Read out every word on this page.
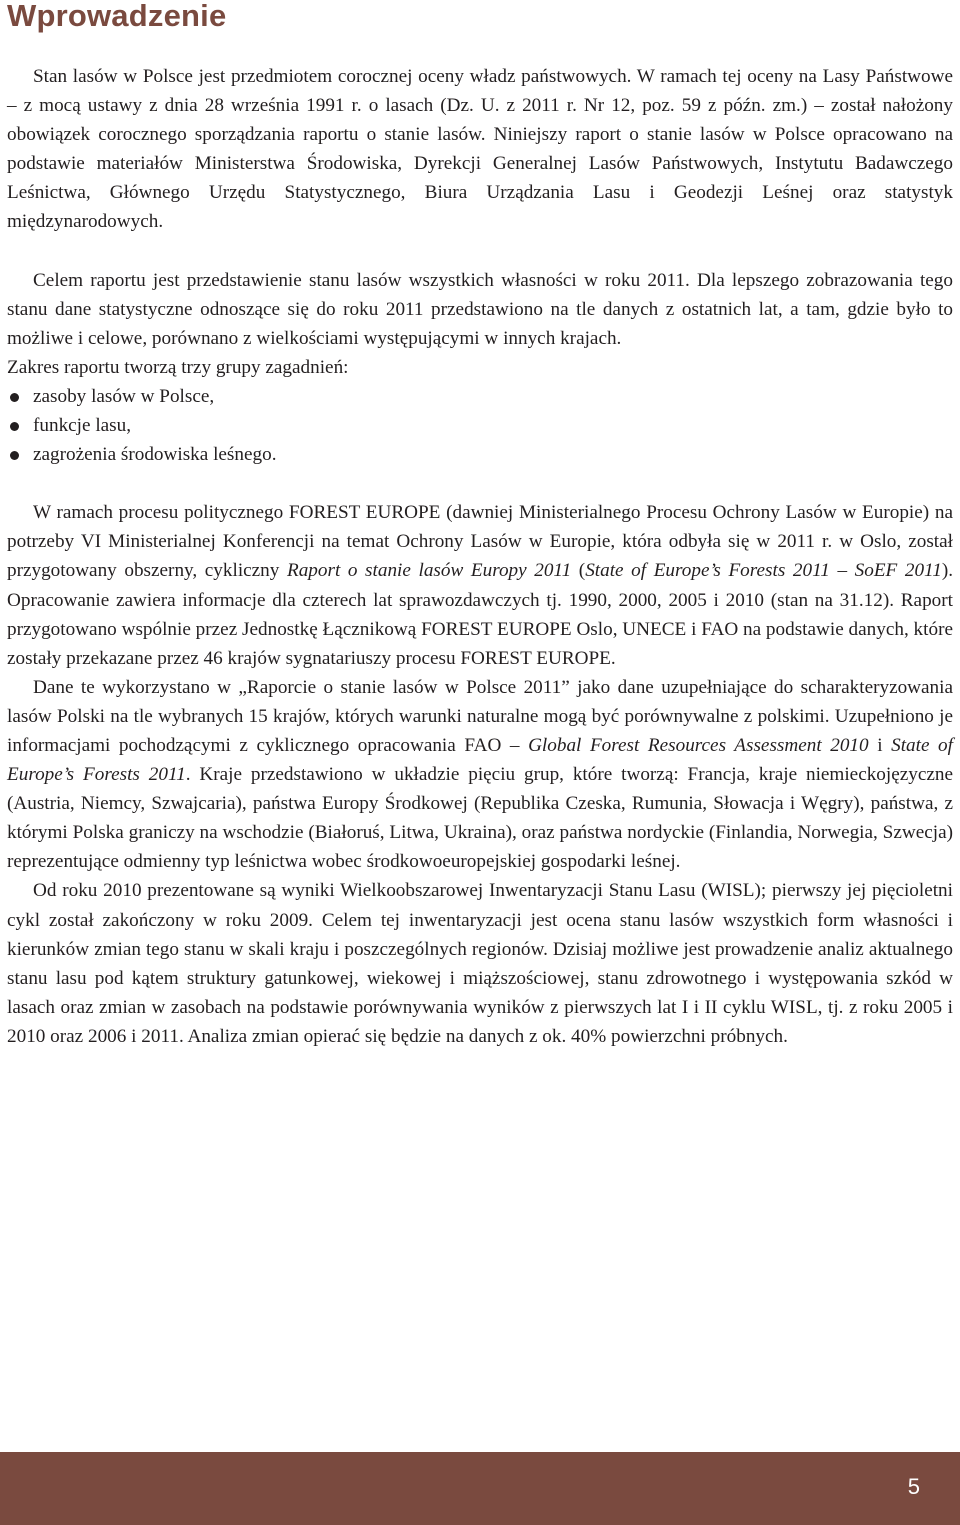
Wprowadzenie

Stan lasów w Polsce jest przedmiotem corocznej oceny władz państwowych. W ramach tej oceny na Lasy Państwowe – z mocą ustawy z dnia 28 września 1991 r. o lasach (Dz. U. z 2011 r. Nr 12, poz. 59 z późn. zm.) – został nałożony obowiązek corocznego sporządzania raportu o stanie lasów. Niniejszy raport o stanie lasów w Polsce opracowano na podstawie materiałów Ministerstwa Środowiska, Dyrekcji Generalnej Lasów Państwowych, Instytutu Badawczego Leśnictwa, Głównego Urzędu Statystycznego, Biura Urządzania Lasu i Geodezji Leśnej oraz statystyk międzynarodowych.

Celem raportu jest przedstawienie stanu lasów wszystkich własności w roku 2011. Dla lepszego zobrazowania tego stanu dane statystyczne odnoszące się do roku 2011 przedstawiono na tle danych z ostatnich lat, a tam, gdzie było to możliwe i celowe, porównano z wielkościami występującymi w innych krajach.

Zakres raportu tworzą trzy grupy zagadnień:
zasoby lasów w Polsce,
funkcje lasu,
zagrożenia środowiska leśnego.

W ramach procesu politycznego FOREST EUROPE (dawniej Ministerialnego Procesu Ochrony Lasów w Europie) na potrzeby VI Ministerialnej Konferencji na temat Ochrony Lasów w Europie, która odbyła się w 2011 r. w Oslo, został przygotowany obszerny, cykliczny Raport o stanie lasów Europy 2011 (State of Europe’s Forests 2011 – SoEF 2011). Opracowanie zawiera informacje dla czterech lat sprawozdawczych tj. 1990, 2000, 2005 i 2010 (stan na 31.12). Raport przygotowano wspólnie przez Jednostkę Łącznikową FOREST EUROPE Oslo, UNECE i FAO na podstawie danych, które zostały przekazane przez 46 krajów sygnatariuszy procesu FOREST EUROPE.

Dane te wykorzystano w „Raporcie o stanie lasów w Polsce 2011” jako dane uzupełniające do scharakteryzowania lasów Polski na tle wybranych 15 krajów, których warunki naturalne mogą być porównywalne z polskimi. Uzupełniono je informacjami pochodzącymi z cyklicznego opracowania FAO – Global Forest Resources Assessment 2010 i State of Europe’s Forests 2011. Kraje przedstawiono w układzie pięciu grup, które tworzą: Francja, kraje niemieckojęzyczne (Austria, Niemcy, Szwajcaria), państwa Europy Środkowej (Republika Czeska, Rumunia, Słowacja i Węgry), państwa, z którymi Polska graniczy na wschodzie (Białoruś, Litwa, Ukraina), oraz państwa nordyckie (Finlandia, Norwegia, Szwecja) reprezentujące odmienny typ leśnictwa wobec środkowoeuropejskiej gospodarki leśnej.

Od roku 2010 prezentowane są wyniki Wielkoobszarowej Inwentaryzacji Stanu Lasu (WISL); pierwszy jej pięcioletni cykl został zakończony w roku 2009. Celem tej inwentaryzacji jest ocena stanu lasów wszystkich form własności i kierunków zmian tego stanu w skali kraju i poszczególnych regionów. Dzisiaj możliwe jest prowadzenie analiz aktualnego stanu lasu pod kątem struktury gatunkowej, wiekowej i miąższościowej, stanu zdrowotnego i występowania szkód w lasach oraz zmian w zasobach na podstawie porównywania wyników z pierwszych lat I i II cyklu WISL, tj. z roku 2005 i 2010 oraz 2006 i 2011. Analiza zmian opierać się będzie na danych z ok. 40% powierzchni próbnych.

5
